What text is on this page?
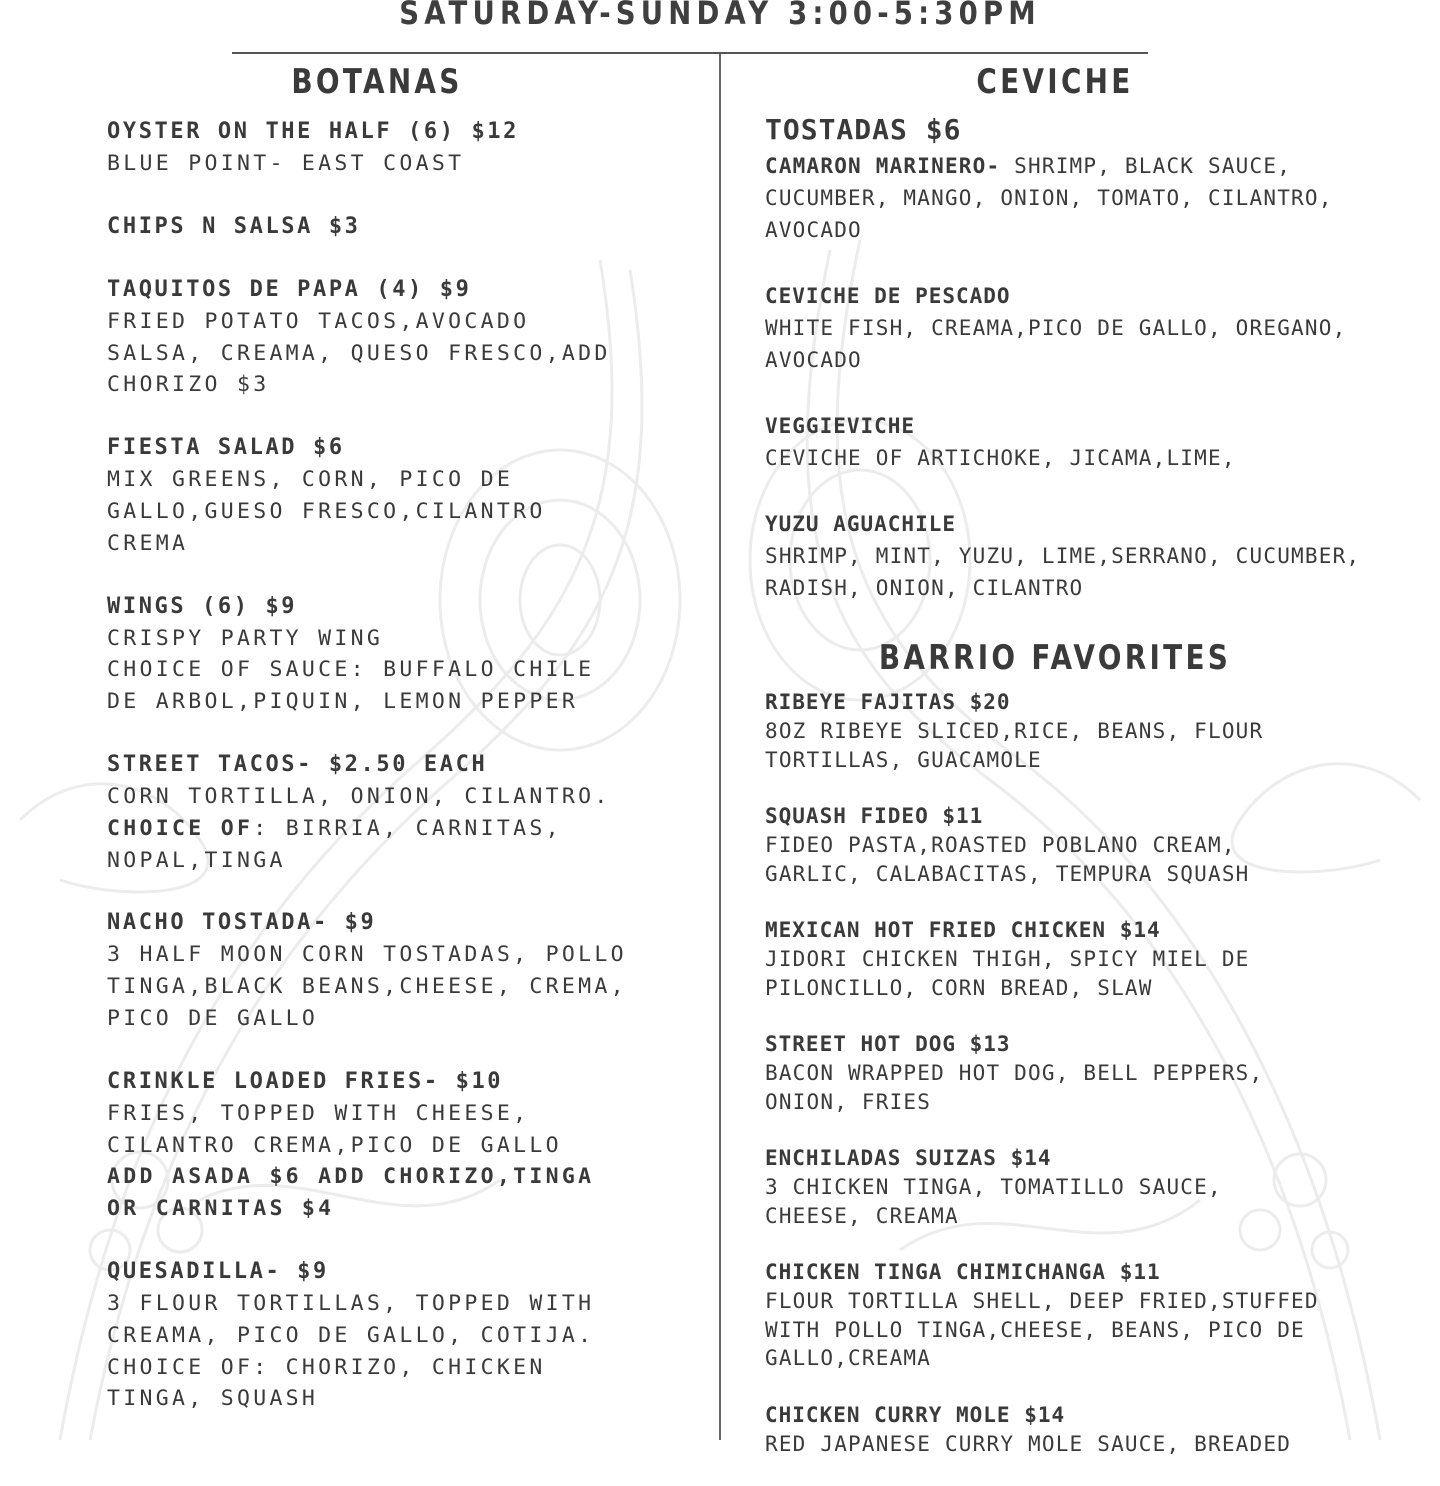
SATURDAY-SUNDAY 3:00-5:30PM
BOTANAS
OYSTER ON THE HALF (6) $12
BLUE POINT- EAST COAST
CHIPS N SALSA $3
TAQUITOS DE PAPA (4) $9
FRIED POTATO TACOS,AVOCADO
SALSA, CREAMA, QUESO FRESCO,ADD
CHORIZO $3
FIESTA SALAD $6
MIX GREENS, CORN, PICO DE
GALLO,GUESO FRESCO,CILANTRO
CREMA
WINGS (6) $9
CRISPY PARTY WING
CHOICE OF SAUCE: BUFFALO CHILE
DE ARBOL,PIQUIN, LEMON PEPPER
STREET TACOS- $2.50 EACH
CORN TORTILLA, ONION, CILANTRO.
CHOICE OF: BIRRIA, CARNITAS,
NOPAL,TINGA
NACHO TOSTADA- $9
3 HALF MOON CORN TOSTADAS, POLLO
TINGA,BLACK BEANS,CHEESE, CREMA,
PICO DE GALLO
CRINKLE LOADED FRIES- $10
FRIES, TOPPED WITH CHEESE,
CILANTRO CREMA,PICO DE GALLO
ADD ASADA $6 ADD CHORIZO,TINGA
OR CARNITAS $4
QUESADILLA- $9
3 FLOUR TORTILLAS, TOPPED WITH
CREAMA, PICO DE GALLO, COTIJA.
CHOICE OF: CHORIZO, CHICKEN
TINGA, SQUASH
CEVICHE
TOSTADAS $6
CAMARON MARINERO- SHRIMP, BLACK SAUCE,
CUCUMBER, MANGO, ONION, TOMATO, CILANTRO,
AVOCADO
CEVICHE DE PESCADO
WHITE FISH, CREAMA,PICO DE GALLO, OREGANO,
AVOCADO
VEGGIEVICHE
CEVICHE OF ARTICHOKE, JICAMA,LIME,
YUZU AGUACHILE
SHRIMP, MINT, YUZU, LIME,SERRANO, CUCUMBER,
RADISH, ONION, CILANTRO
BARRIO FAVORITES
RIBEYE FAJITAS $20
8OZ RIBEYE SLICED,RICE, BEANS, FLOUR
TORTILLAS, GUACAMOLE
SQUASH FIDEO $11
FIDEO PASTA,ROASTED POBLANO CREAM,
GARLIC, CALABACITAS, TEMPURA SQUASH
MEXICAN HOT FRIED CHICKEN $14
JIDORI CHICKEN THIGH, SPICY MIEL DE
PILONCILLO, CORN BREAD, SLAW
STREET HOT DOG $13
BACON WRAPPED HOT DOG, BELL PEPPERS,
ONION, FRIES
ENCHILADAS SUIZAS $14
3 CHICKEN TINGA, TOMATILLO SAUCE,
CHEESE, CREAMA
CHICKEN TINGA CHIMICHANGA $11
FLOUR TORTILLA SHELL, DEEP FRIED,STUFFED
WITH POLLO TINGA,CHEESE, BEANS, PICO DE
GALLO,CREAMA
CHICKEN CURRY MOLE $14
RED JAPANESE CURRY MOLE SAUCE, BREADED
